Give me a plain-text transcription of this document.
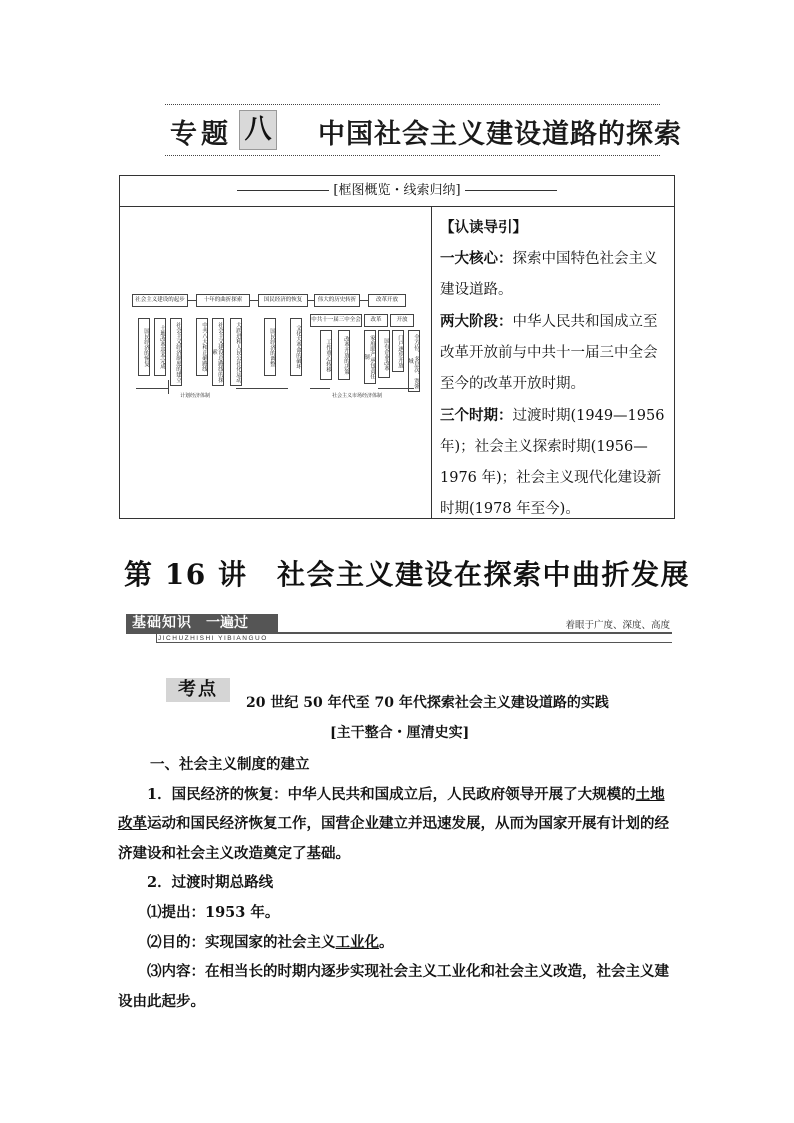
专题 八 中国社会主义建设道路的探索
[框图概览・线索归纳]
社会主义建设的起步	十年的曲折探索	国民经济的恢复	伟大的历史转折	改革开放
中共十一届三中全会	改革	开放
国民经济的恢复	土地改革基本完成	社会主义经济制度的建立	中共八大和正确路线	社会主义建设总路线的探索	大跃进和人民公社化运动	国民经济的调整	文化大革命的破坏	工作重心转移	改革开放的决策	家庭联产承包责任制	国有企业改革	门户逐步开放	全方位、多层次、宽领域
计划经济体制	社会主义市场经济体制

【认读导引】

一大核心：探索中国特色社会主义建设道路。

两大阶段：中华人民共和国成立至改革开放前与中共十一届三中全会至今的改革开放时期。

三个时期：过渡时期(1949—1956 年)；社会主义探索时期(1956—1976 年)；社会主义现代化建设新时期(1978 年至今)。

第 16 讲　社会主义建设在探索中曲折发展
基础知识 一遍过
JICHUZHISHI YIBIANGUO
着眼于广度、深度、高度
考点
20 世纪 50 年代至 70 年代探索社会主义建设道路的实践
[主干整合・厘清史实]

一、社会主义制度的建立

1．国民经济的恢复：中华人民共和国成立后，人民政府领导开展了大规模的土地改革运动和国民经济恢复工作，国营企业建立并迅速发展，从而为国家开展有计划的经济建设和社会主义改造奠定了基础。

2．过渡时期总路线

⑴提出：1953 年。

⑵目的：实现国家的社会主义工业化。

⑶内容：在相当长的时期内逐步实现社会主义工业化和社会主义改造，社会主义建设由此起步。
